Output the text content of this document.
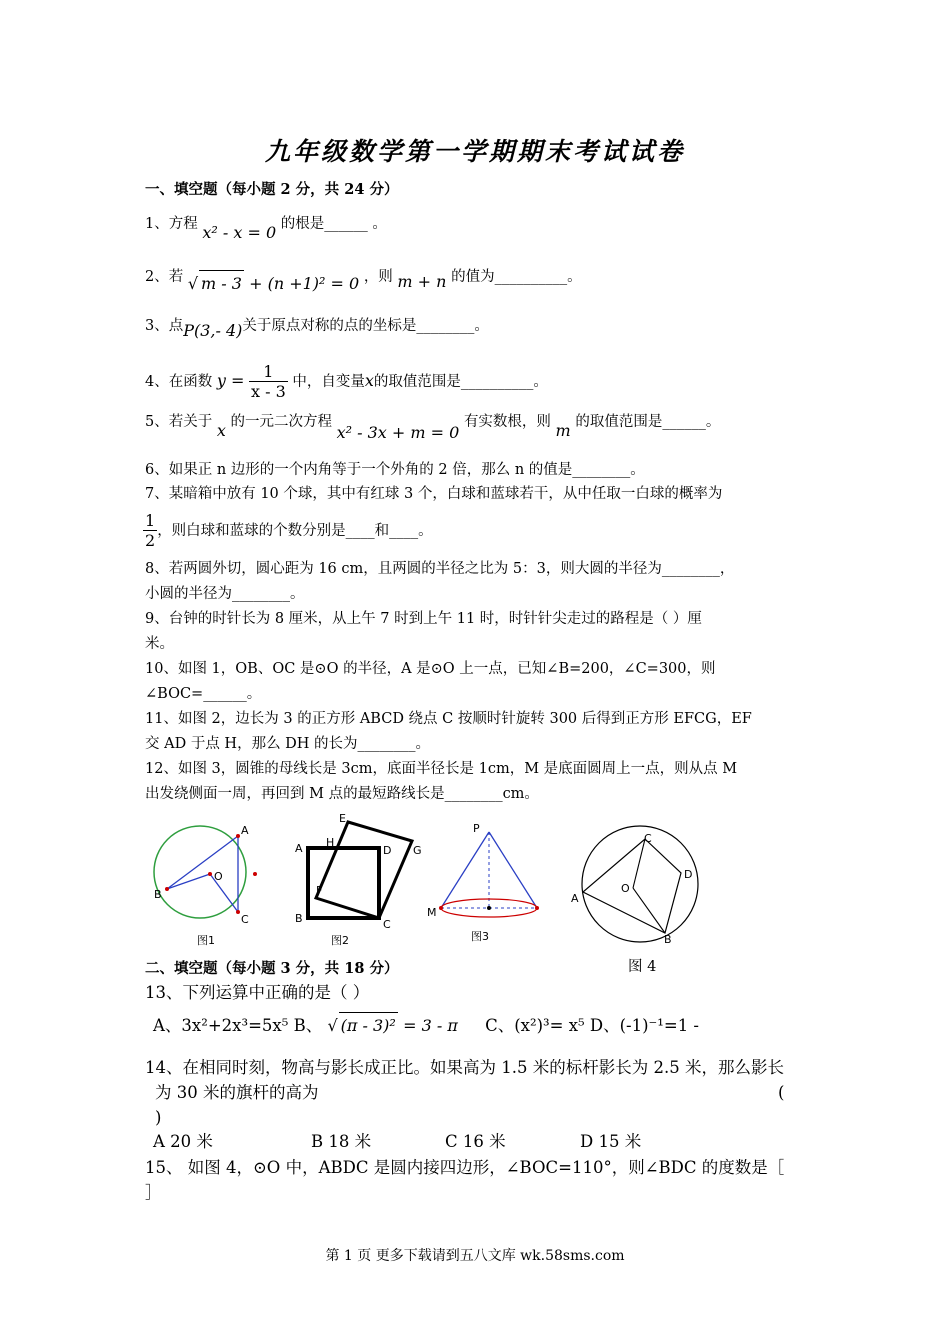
九年级数学第一学期期末考试试卷
一、填空题（每小题 2 分，共 24 分）
1、方程 x² - x = 0 的根是______ 。
2、若 √ m - 3 + (n +1)² = 0 ，则 m + n 的值为__________。
3、点P(3,- 4)关于原点对称的点的坐标是________。
4、在函数 $y = \frac{1}{x - 3}$ 中，自变量x的取值范围是__________。
5、若关于 x 的一元二次方程 x² - 3x + m = 0 有实数根，则 m 的取值范围是______。
6、如果正 n 边形的一个内角等于一个外角的 2 倍，那么 n 的值是________。
7、某暗箱中放有 10 个球，其中有红球 3 个，白球和蓝球若干，从中任取一白球的概率为
$\frac{1}{2}$ ，则白球和蓝球的个数分别是____和____。
8、若两圆外切，圆心距为 16 cm，且两圆的半径之比为 5：3，则大圆的半径为________，
小圆的半径为________。
9、台钟的时针长为 8 厘米，从上午 7 时到上午 11 时，时针针尖走过的路程是（ ）厘
米。
10、如图 1，OB、OC 是⊙O 的半径，A 是⊙O 上一点，已知∠B=200，∠C=300，则
∠BOC=______。
11、如图 2，边长为 3 的正方形 ABCD 绕点 C 按顺时针旋转 300 后得到正方形 EFCG，EF
交 AD 于点 H，那么 DH 的长为________。
12、如图 3，圆锥的母线长是 3cm，底面半径长是 1cm，M 是底面圆周上一点，则从点 M
出发绕侧面一周，再回到 M 点的最短路线长是________cm。
A
B
C
O
图1
A H
D
E
G
F
B	C
图2
P
M
图3
A
C
D
B
O
图 4
二、填空题（每小题 3 分，共 18 分）
13、下列运算中正确的是（ ）
A、3x²+2x³=5x⁵ B、 √ (π - 3)² = 3 - π C、(x²)³= x⁵ D、(-1)⁻¹=1 -
14、在相同时刻，物高与影长成正比。如果高为 1.5 米的标杆影长为 2.5 米，那么影长
为 30 米的旗杆的高为	(
)
A 20 米	B 18 米	C 16 米	D 15 米
15、 如图 4，⊙O 中，ABDC 是圆内接四边形，∠BOC=110°，则∠BDC 的度数是［
］
第 1 页 更多下载请到五八文库 wk.58sms.com
